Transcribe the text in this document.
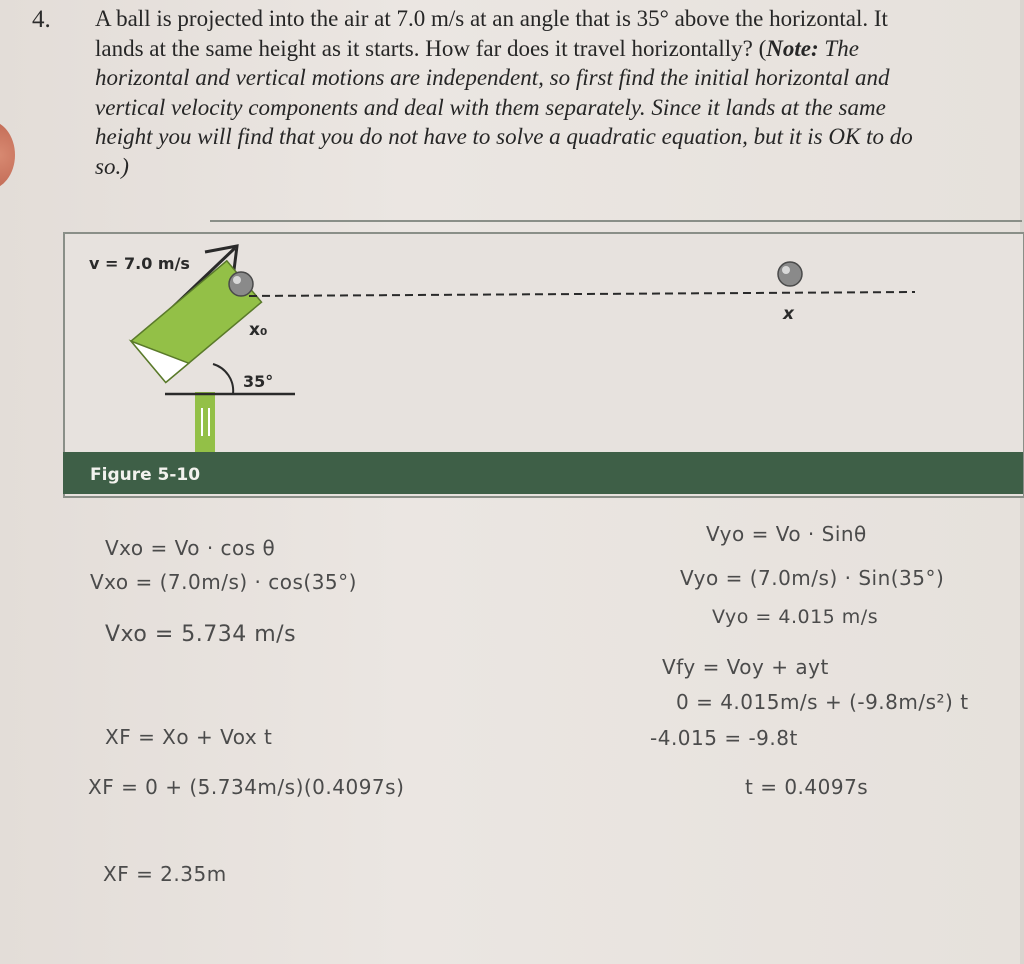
4. A ball is projected into the air at 7.0 m/s at an angle that is 35° above the horizontal. It lands at the same height as it starts. How far does it travel horizontally? (Note: The horizontal and vertical motions are independent, so first find the initial horizontal and vertical velocity components and deal with them separately. Since it lands at the same height you will find that you do not have to solve a quadratic equation, but it is OK to do so.)
v = 7.0 m/s
x₀
35°
x
Figure 5-10
Vxo = Vo · cos θ
Vxo = (7.0m/s) · cos(35°)
Vxo = 5.734 m/s
XF = Xo + Vox t
XF = 0 + (5.734m/s)(0.4097s)
XF = 2.35m
Vyo = Vo · Sinθ
Vyo = (7.0m/s) · Sin(35°)
Vyo = 4.015 m/s
Vfy = Voy + ayt
0 = 4.015m/s + (-9.8m/s²) t
-4.015 = -9.8t
t = 0.4097s
